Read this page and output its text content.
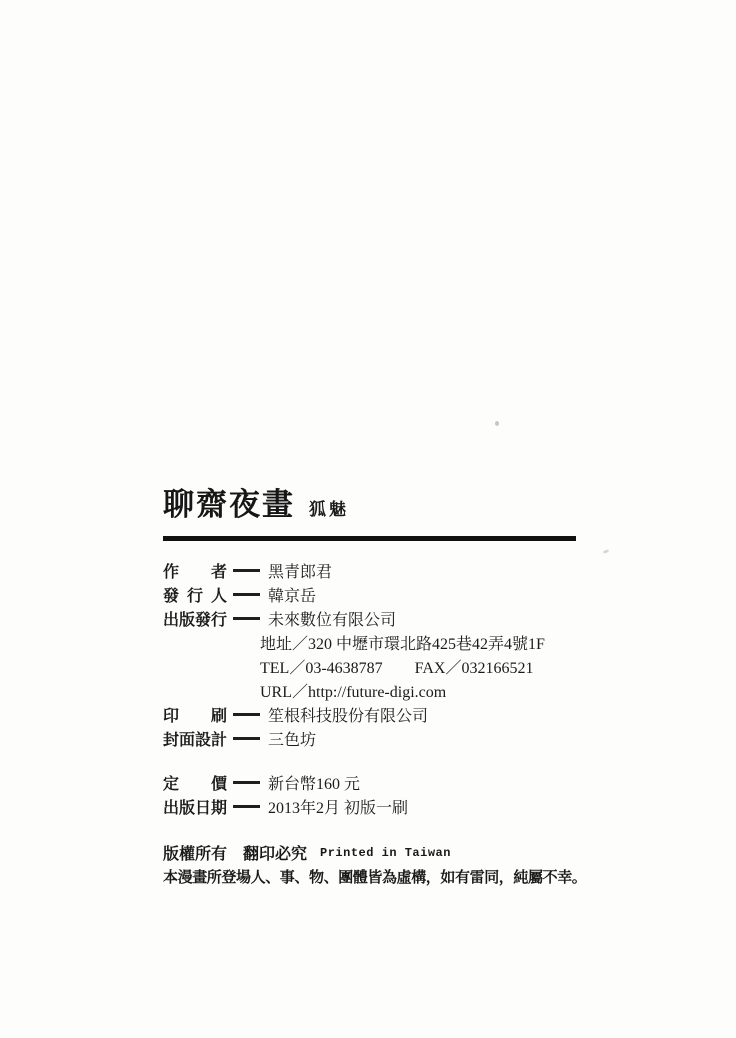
聊齋夜畫 狐魅
作者	黑青郎君
發行人	韓京岳
出版發行	未來數位有限公司
地址／320 中壢市環北路425巷42弄4號1F
TEL／03-4638787　　FAX／032166521
URL／http://future-digi.com
印刷	笙根科技股份有限公司
封面設計	三色坊
定價	新台幣160 元
出版日期	2013年2月 初版一刷
版權所有　翻印必究 Printed in Taiwan
本漫畫所登場人、事、物、團體皆為虛構，如有雷同，純屬不幸。
